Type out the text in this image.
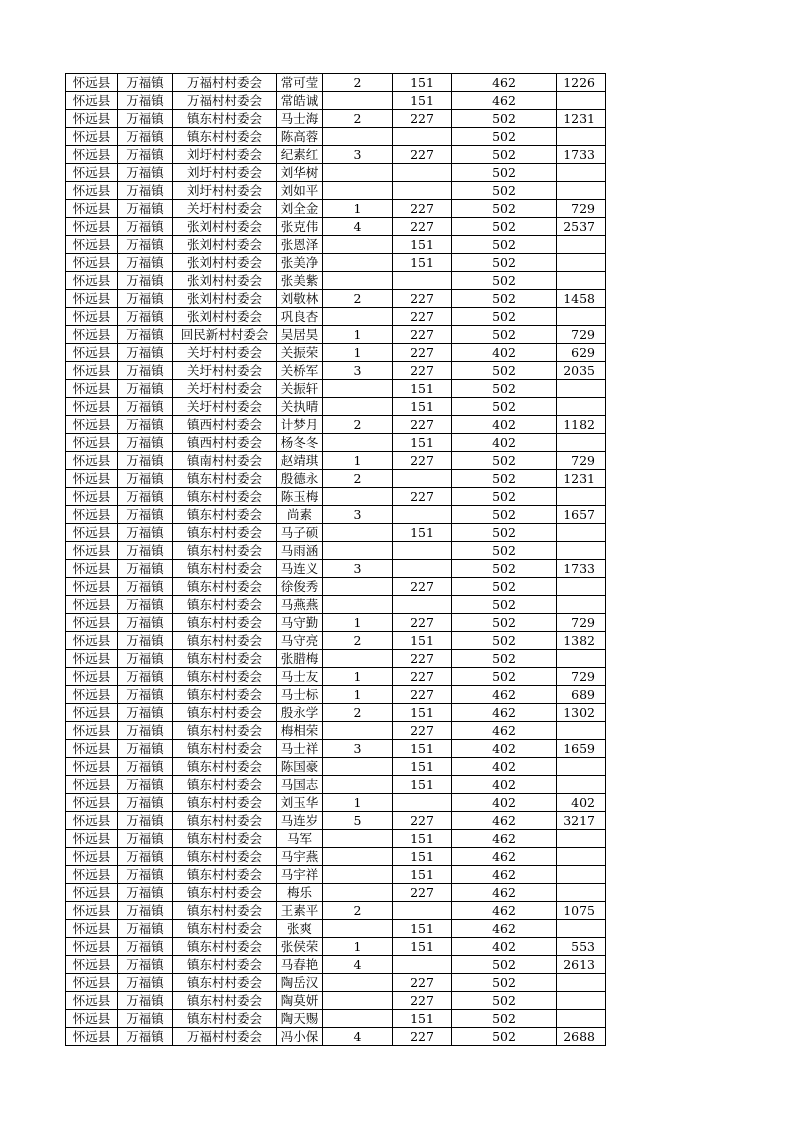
怀远县	万福镇	万福村村委会	常可莹	2	151	462	1226
怀远县	万福镇	万福村村委会	常皓诚		151	462	
怀远县	万福镇	镇东村村委会	马士海	2	227	502	1231
怀远县	万福镇	镇东村村委会	陈高蓉			502	
怀远县	万福镇	刘圩村村委会	纪素红	3	227	502	1733
怀远县	万福镇	刘圩村村委会	刘华树			502	
怀远县	万福镇	刘圩村村委会	刘如平			502	
怀远县	万福镇	关圩村村委会	刘全金	1	227	502	729
怀远县	万福镇	张刘村村委会	张克伟	4	227	502	2537
怀远县	万福镇	张刘村村委会	张恩泽		151	502	
怀远县	万福镇	张刘村村委会	张美净		151	502	
怀远县	万福镇	张刘村村委会	张美紫			502	
怀远县	万福镇	张刘村村委会	刘敬林	2	227	502	1458
怀远县	万福镇	张刘村村委会	巩良杏		227	502	
怀远县	万福镇	回民新村村委会	吴居昊	1	227	502	729
怀远县	万福镇	关圩村村委会	关振荣	1	227	402	629
怀远县	万福镇	关圩村村委会	关桥军	3	227	502	2035
怀远县	万福镇	关圩村村委会	关振轩		151	502	
怀远县	万福镇	关圩村村委会	关执晴		151	502	
怀远县	万福镇	镇西村村委会	计梦月	2	227	402	1182
怀远县	万福镇	镇西村村委会	杨冬冬		151	402	
怀远县	万福镇	镇南村村委会	赵靖琪	1	227	502	729
怀远县	万福镇	镇东村村委会	殷德永	2		502	1231
怀远县	万福镇	镇东村村委会	陈玉梅		227	502	
怀远县	万福镇	镇东村村委会	尚素	3		502	1657
怀远县	万福镇	镇东村村委会	马子硕		151	502	
怀远县	万福镇	镇东村村委会	马雨涵			502	
怀远县	万福镇	镇东村村委会	马连义	3		502	1733
怀远县	万福镇	镇东村村委会	徐俊秀		227	502	
怀远县	万福镇	镇东村村委会	马燕燕			502	
怀远县	万福镇	镇东村村委会	马守勤	1	227	502	729
怀远县	万福镇	镇东村村委会	马守亮	2	151	502	1382
怀远县	万福镇	镇东村村委会	张腊梅		227	502	
怀远县	万福镇	镇东村村委会	马士友	1	227	502	729
怀远县	万福镇	镇东村村委会	马士标	1	227	462	689
怀远县	万福镇	镇东村村委会	殷永学	2	151	462	1302
怀远县	万福镇	镇东村村委会	梅相荣		227	462	
怀远县	万福镇	镇东村村委会	马士祥	3	151	402	1659
怀远县	万福镇	镇东村村委会	陈国豪		151	402	
怀远县	万福镇	镇东村村委会	马国志		151	402	
怀远县	万福镇	镇东村村委会	刘玉华	1		402	402
怀远县	万福镇	镇东村村委会	马连岁	5	227	462	3217
怀远县	万福镇	镇东村村委会	马军		151	462	
怀远县	万福镇	镇东村村委会	马宇燕		151	462	
怀远县	万福镇	镇东村村委会	马宇祥		151	462	
怀远县	万福镇	镇东村村委会	梅乐		227	462	
怀远县	万福镇	镇东村村委会	王素平	2		462	1075
怀远县	万福镇	镇东村村委会	张爽		151	462	
怀远县	万福镇	镇东村村委会	张侯荣	1	151	402	553
怀远县	万福镇	镇东村村委会	马春艳	4		502	2613
怀远县	万福镇	镇东村村委会	陶岳汉		227	502	
怀远县	万福镇	镇东村村委会	陶莫妍		227	502	
怀远县	万福镇	镇东村村委会	陶天赐		151	502	
怀远县	万福镇	万福村村委会	冯小保	4	227	502	2688
